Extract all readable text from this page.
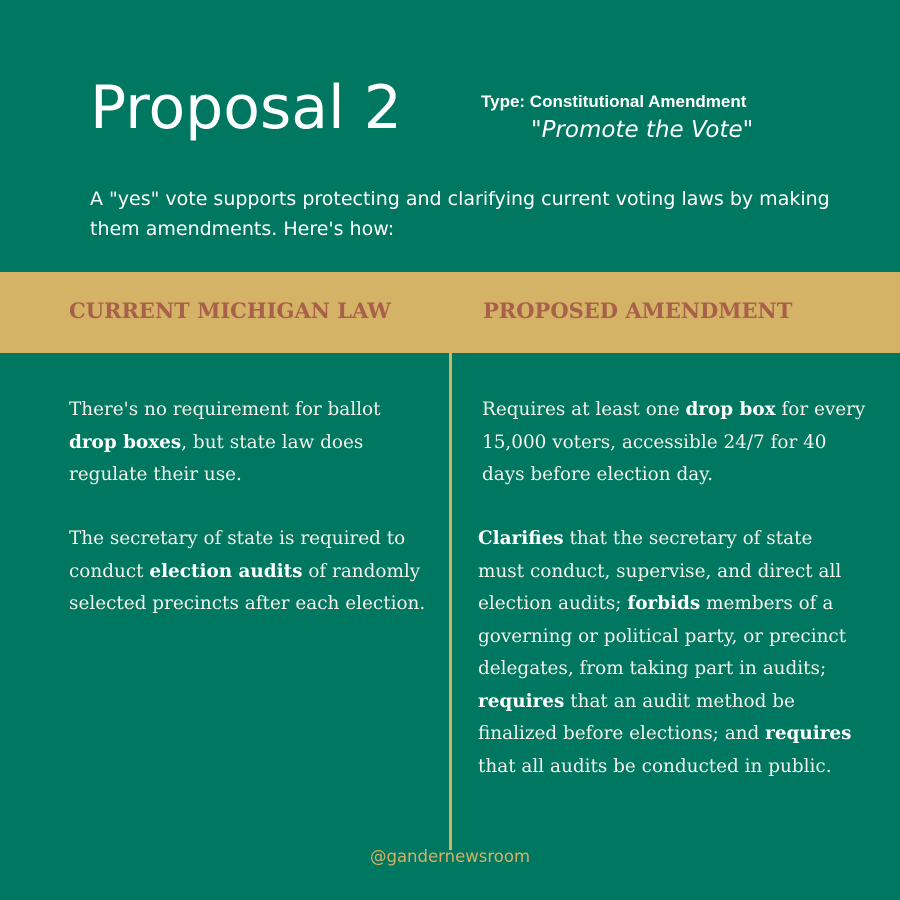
Proposal 2	Type: Constitutional Amendment
"Promote the Vote"
A "yes" vote supports protecting and clarifying current voting laws by making them amendments. Here's how:
CURRENT MICHIGAN LAW	PROPOSED AMENDMENT
There's no requirement for ballot drop boxes, but state law does regulate their use.
The secretary of state is required to conduct election audits of randomly selected precincts after each election.
Requires at least one drop box for every 15,000 voters, accessible 24/7 for 40 days before election day.
Clarifies that the secretary of state must conduct, supervise, and direct all election audits; forbids members of a governing or political party, or precinct delegates, from taking part in audits; requires that an audit method be finalized before elections; and requires that all audits be conducted in public.
@gandernewsroom
